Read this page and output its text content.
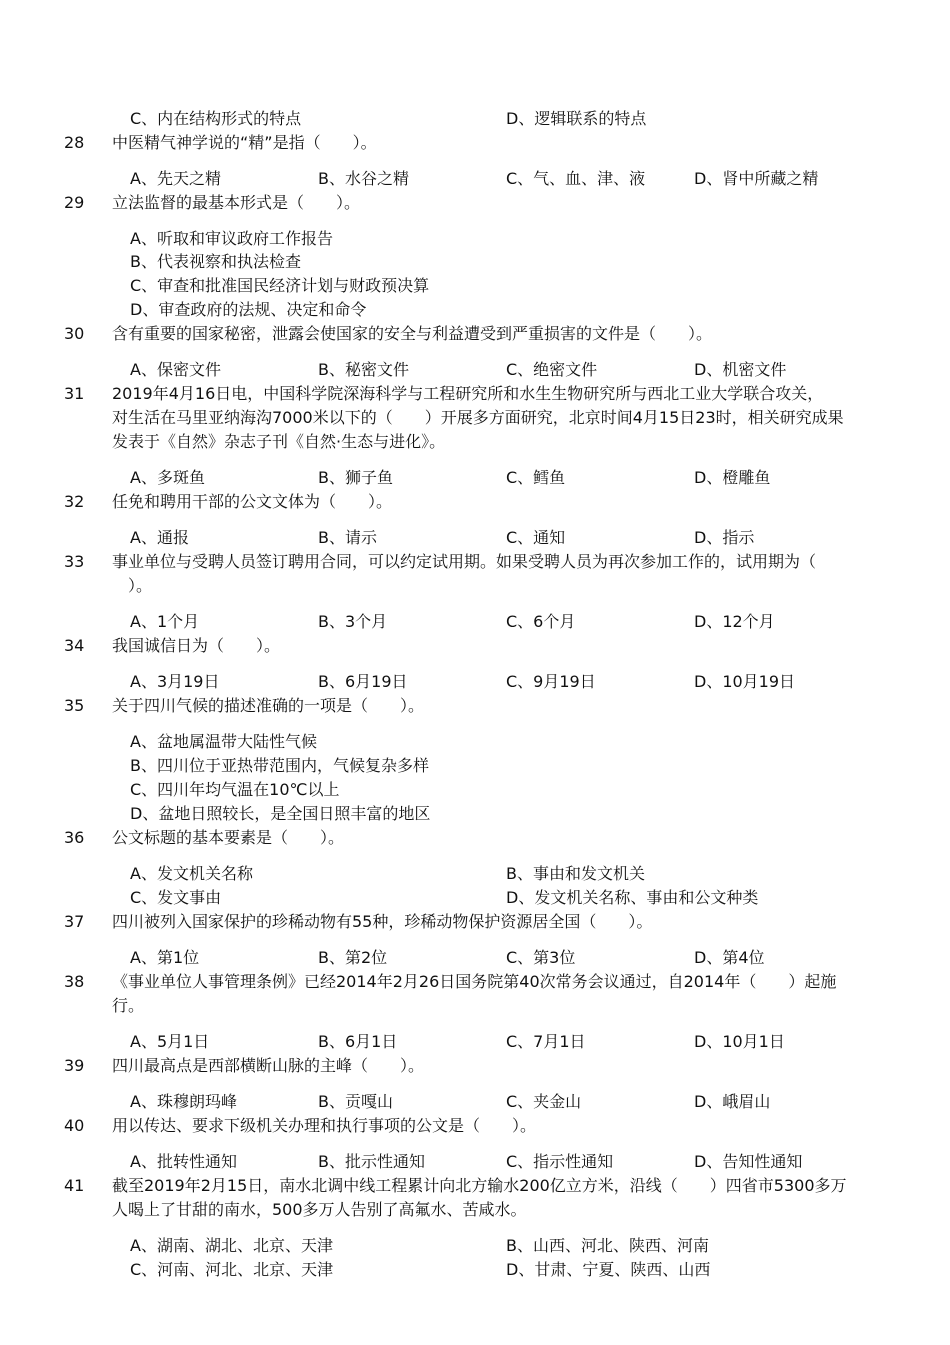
C、内在结构形式的特点	D、逻辑联系的特点
28 中医精气神学说的“精”是指（　　）。
A、先天之精	B、水谷之精	C、气、血、津、液	D、肾中所藏之精
29 立法监督的最基本形式是（　　）。
A、听取和审议政府工作报告
B、代表视察和执法检查
C、审查和批准国民经济计划与财政预决算
D、审查政府的法规、决定和命令
30 含有重要的国家秘密，泄露会使国家的安全与利益遭受到严重损害的文件是（　　）。
A、保密文件	B、秘密文件	C、绝密文件	D、机密文件
31 2019年4月16日电，中国科学院深海科学与工程研究所和水生生物研究所与西北工业大学联合攻关，
对生活在马里亚纳海沟7000米以下的（　　）开展多方面研究，北京时间4月15日23时，相关研究成果
发表于《自然》杂志子刊《自然·生态与进化》。
A、多斑鱼	B、狮子鱼	C、鳕鱼	D、橙雕鱼
32 任免和聘用干部的公文文体为（　　）。
A、通报	B、请示	C、通知	D、指示
33 事业单位与受聘人员签订聘用合同，可以约定试用期。如果受聘人员为再次参加工作的，试用期为（
　）。
A、1个月	B、3个月	C、6个月	D、12个月
34 我国诚信日为（　　）。
A、3月19日	B、6月19日	C、9月19日	D、10月19日
35 关于四川气候的描述准确的一项是（　　）。
A、盆地属温带大陆性气候
B、四川位于亚热带范围内，气候复杂多样
C、四川年均气温在10℃以上
D、盆地日照较长，是全国日照丰富的地区
36 公文标题的基本要素是（　　）。
A、发文机关名称	B、事由和发文机关
C、发文事由	D、发文机关名称、事由和公文种类
37 四川被列入国家保护的珍稀动物有55种，珍稀动物保护资源居全国（　　）。
A、第1位	B、第2位	C、第3位	D、第4位
38 《事业单位人事管理条例》已经2014年2月26日国务院第40次常务会议通过，自2014年（　　）起施
行。
A、5月1日	B、6月1日	C、7月1日	D、10月1日
39 四川最高点是西部横断山脉的主峰（　　）。
A、珠穆朗玛峰	B、贡嘎山	C、夹金山	D、峨眉山
40 用以传达、要求下级机关办理和执行事项的公文是（　　）。
A、批转性通知	B、批示性通知	C、指示性通知	D、告知性通知
41 截至2019年2月15日，南水北调中线工程累计向北方输水200亿立方米，沿线（　　）四省市5300多万
人喝上了甘甜的南水，500多万人告别了高氟水、苦咸水。
A、湖南、湖北、北京、天津	B、山西、河北、陕西、河南
C、河南、河北、北京、天津	D、甘肃、宁夏、陕西、山西
